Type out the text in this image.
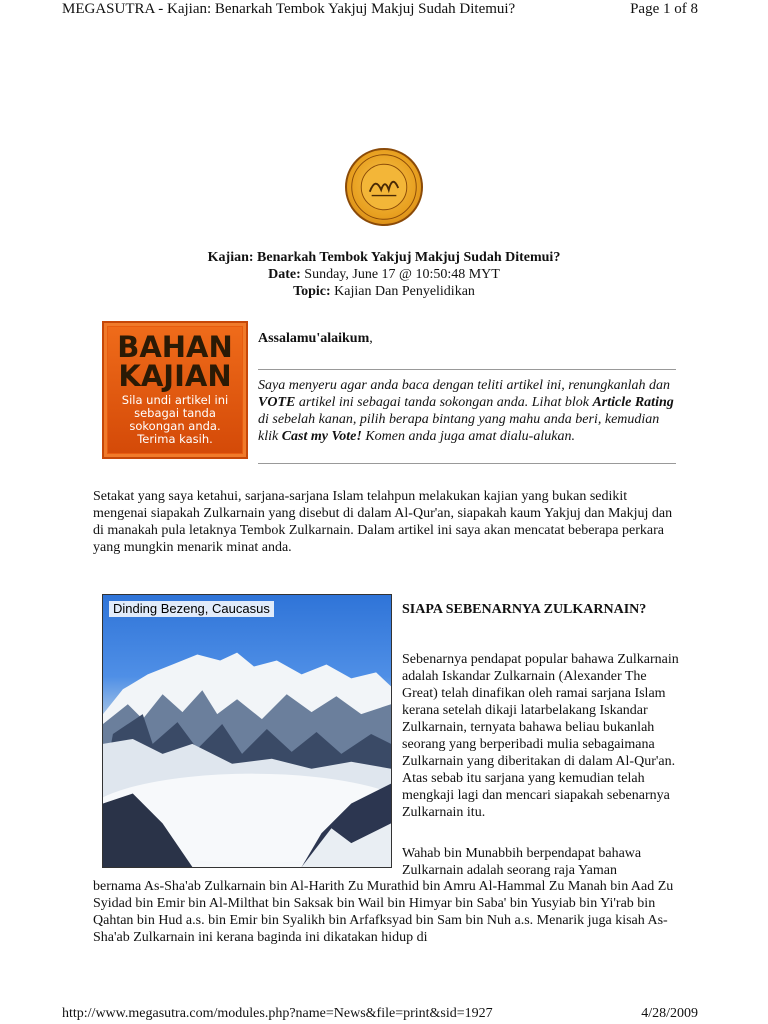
MEGASUTRA - Kajian: Benarkah Tembok Yakjuj Makjuj Sudah Ditemui?	Page 1 of 8
Kajian: Benarkah Tembok Yakjuj Makjuj Sudah Ditemui?
Date: Sunday, June 17 @ 10:50:48 MYT
Topic: Kajian Dan Penyelidikan
BAHAN
KAJIAN
Sila undi artikel ini
sebagai tanda
sokongan anda.
Terima kasih.
Assalamu'alaikum,
Saya menyeru agar anda baca dengan teliti artikel ini, renungkanlah dan VOTE artikel ini sebagai tanda sokongan anda. Lihat blok Article Rating di sebelah kanan, pilih berapa bintang yang mahu anda beri, kemudian klik Cast my Vote! Komen anda juga amat dialu-alukan.
Setakat yang saya ketahui, sarjana-sarjana Islam telahpun melakukan kajian yang bukan sedikit mengenai siapakah Zulkarnain yang disebut di dalam Al-Qur'an, siapakah kaum Yakjuj dan Makjuj dan di manakah pula letaknya Tembok Zulkarnain. Dalam artikel ini saya akan mencatat beberapa perkara yang mungkin menarik minat anda.
Dinding Bezeng, Caucasus	SIAPA SEBENARNYA ZULKARNAIN?
Sebenarnya pendapat popular bahawa Zulkarnain adalah Iskandar Zulkarnain (Alexander The Great) telah dinafikan oleh ramai sarjana Islam kerana setelah dikaji latarbelakang Iskandar Zulkarnain, ternyata bahawa beliau bukanlah seorang yang berperibadi mulia sebagaimana Zulkarnain yang diberitakan di dalam Al-Qur'an. Atas sebab itu sarjana yang kemudian telah mengkaji lagi dan mencari siapakah sebenarnya Zulkarnain itu.
Wahab bin Munabbih berpendapat bahawa Zulkarnain adalah seorang raja Yaman
bernama As-Sha'ab Zulkarnain bin Al-Harith Zu Murathid bin Amru Al-Hammal Zu Manah bin Aad Zu Syidad bin Emir bin Al-Milthat bin Saksak bin Wail bin Himyar bin Saba' bin Yusyiab bin Yi'rab bin Qahtan bin Hud a.s. bin Emir bin Syalikh bin Arfafksyad bin Sam bin Nuh a.s. Menarik juga kisah As-Sha'ab Zulkarnain ini kerana baginda ini dikatakan hidup di
http://www.megasutra.com/modules.php?name=News&file=print&sid=1927	4/28/2009
